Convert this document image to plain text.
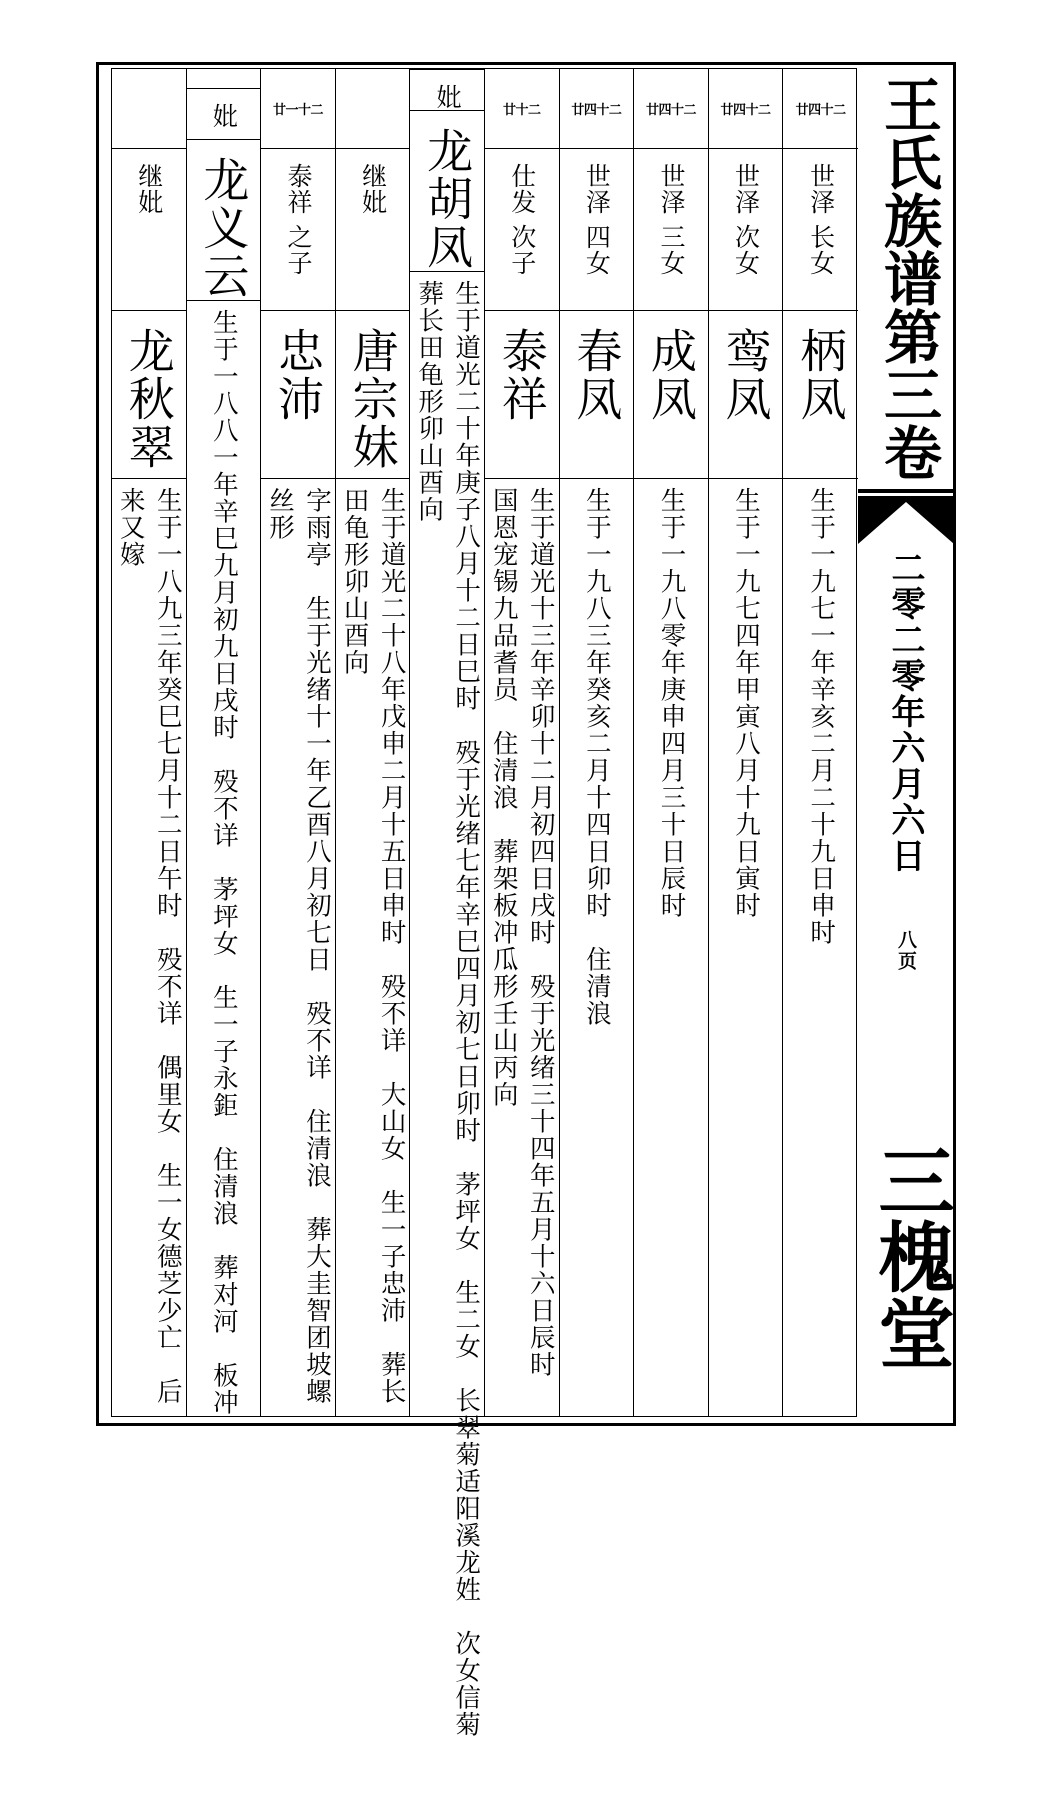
继妣
龙秋翠
生于一八九三年癸巳七月十二日午时　殁不详　偶里女　生一女德芝少亡　后来又嫁
妣
龙义云
生于一八八一年辛巳九月初九日戌时　殁不详　茅坪女　生一子永鉅　住清浪　葬对河　板冲
廿一十二
泰祥 之子
忠沛
字雨亭　生于光绪十一年乙酉八月初七日　殁不详　住清浪　葬大圭智团坡螺丝形
继妣
唐宗妹
生于道光二十八年戊申二月十五日申时　殁不详　大山女　生一子忠沛　葬长田龟形卯山酉向
妣
龙胡凤
生于道光二十年庚子八月十二日巳时　殁于光绪七年辛巳四月初七日卯时　茅坪女　生二女　长翠菊适阳溪龙姓　次女信菊　葬长田龟形卯山酉向
廿十二
仕发 次子
泰祥
生于道光十三年辛卯十二月初四日戌时　殁于光绪三十四年五月十六日辰时　国恩宠锡九品耆员　住清浪　葬架板冲瓜形壬山丙向
廿四十二
世泽 四女
春凤
生于一九八三年癸亥二月十四日卯时　住清浪
廿四十二
世泽 三女
成凤
生于一九八零年庚申四月三十日辰时
廿四十二
世泽 次女
鸾凤
生于一九七四年甲寅八月十九日寅时
廿四十二
世泽 长女
柄凤
生于一九七一年辛亥二月二十九日申时
王氏族谱第三卷
二零二零年六月六日
八页
三槐堂
